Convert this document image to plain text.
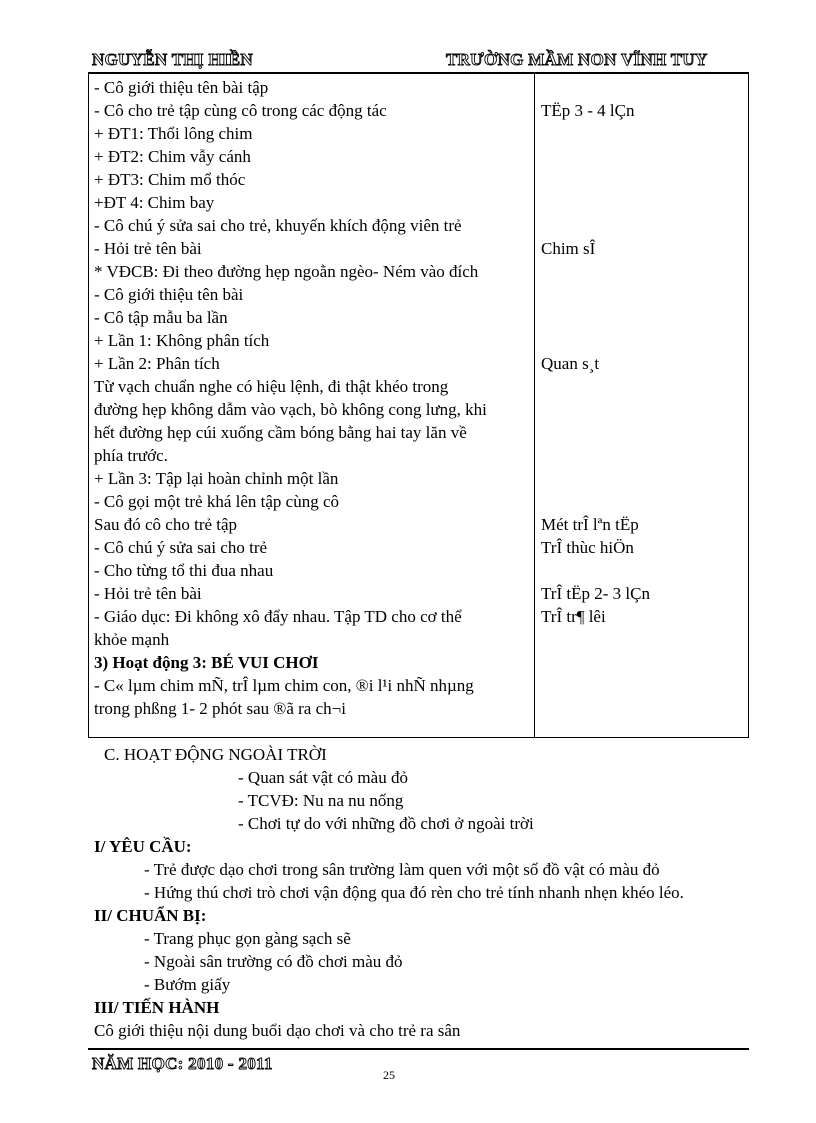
NGUYỄN THỊ HIỀN	TRƯỜNG MẦM NON VĨNH TUY
- Cô giới thiệu tên bài tập
- Cô cho trẻ tập cùng cô trong các động tác
+ ĐT1: Thổi lông chim
+ ĐT2: Chim vẫy cánh
+ ĐT3: Chim mổ thóc
+ĐT 4: Chim bay
- Cô chú ý sửa sai cho trẻ, khuyến khích động viên trẻ
- Hỏi trẻ tên bài
* VĐCB: Đi theo đường hẹp ngoằn ngèo- Ném vào đích
- Cô giới thiệu tên bài
- Cô tập mẫu ba lần
+ Lần 1: Không phân tích
+ Lần 2: Phân tích
Từ vạch chuẩn nghe có hiệu lệnh, đi thật khéo trong
đường hẹp không dẫm vào vạch, bò không cong lưng, khi
hết đường hẹp cúi xuống cầm bóng bằng hai tay lăn về
phía trước.
+ Lần 3: Tập lại hoàn chỉnh một lần
- Cô gọi một trẻ khá lên tập cùng cô
Sau đó cô cho trẻ tập
- Cô chú ý sửa sai cho trẻ
- Cho từng tổ thi đua nhau
- Hỏi trẻ tên bài
- Giáo dục: Đi không xô đẩy nhau. Tập TD cho cơ thể
khỏe mạnh
3) Hoạt động 3: BÉ VUI CHƠI
- C« lµm chim mÑ, trÎ lµm chim con, ®i l¹i nhÑ nhµng
trong phßng 1- 2 phót sau ®ã ra ch¬i
TËp 3 - 4 lÇn
Chim sÎ
Quan s¸t
Mét trÎ lªn tËp
TrÎ thùc hiÖn
TrÎ tËp 2- 3 lÇn
TrÎ tr¶ lêi
C. HOẠT ĐỘNG NGOÀI TRỜI
- Quan sát vật có màu đỏ
- TCVĐ: Nu na nu nống
- Chơi tự do với những đồ chơi ở ngoài trời
I/ YÊU CẦU:
- Trẻ được dạo chơi trong sân trường làm quen với một số đồ vật có màu đỏ
- Hứng thú chơi trò chơi vận động qua đó rèn cho trẻ tính nhanh nhẹn khéo léo.
II/ CHUẨN BỊ:
- Trang phục gọn gàng sạch sẽ
- Ngoài sân trường có đồ chơi màu đỏ
- Bướm giấy
III/ TIẾN HÀNH
Cô giới thiệu nội dung buổi dạo chơi và cho trẻ ra sân
NĂM HỌC: 2010 - 2011
25
